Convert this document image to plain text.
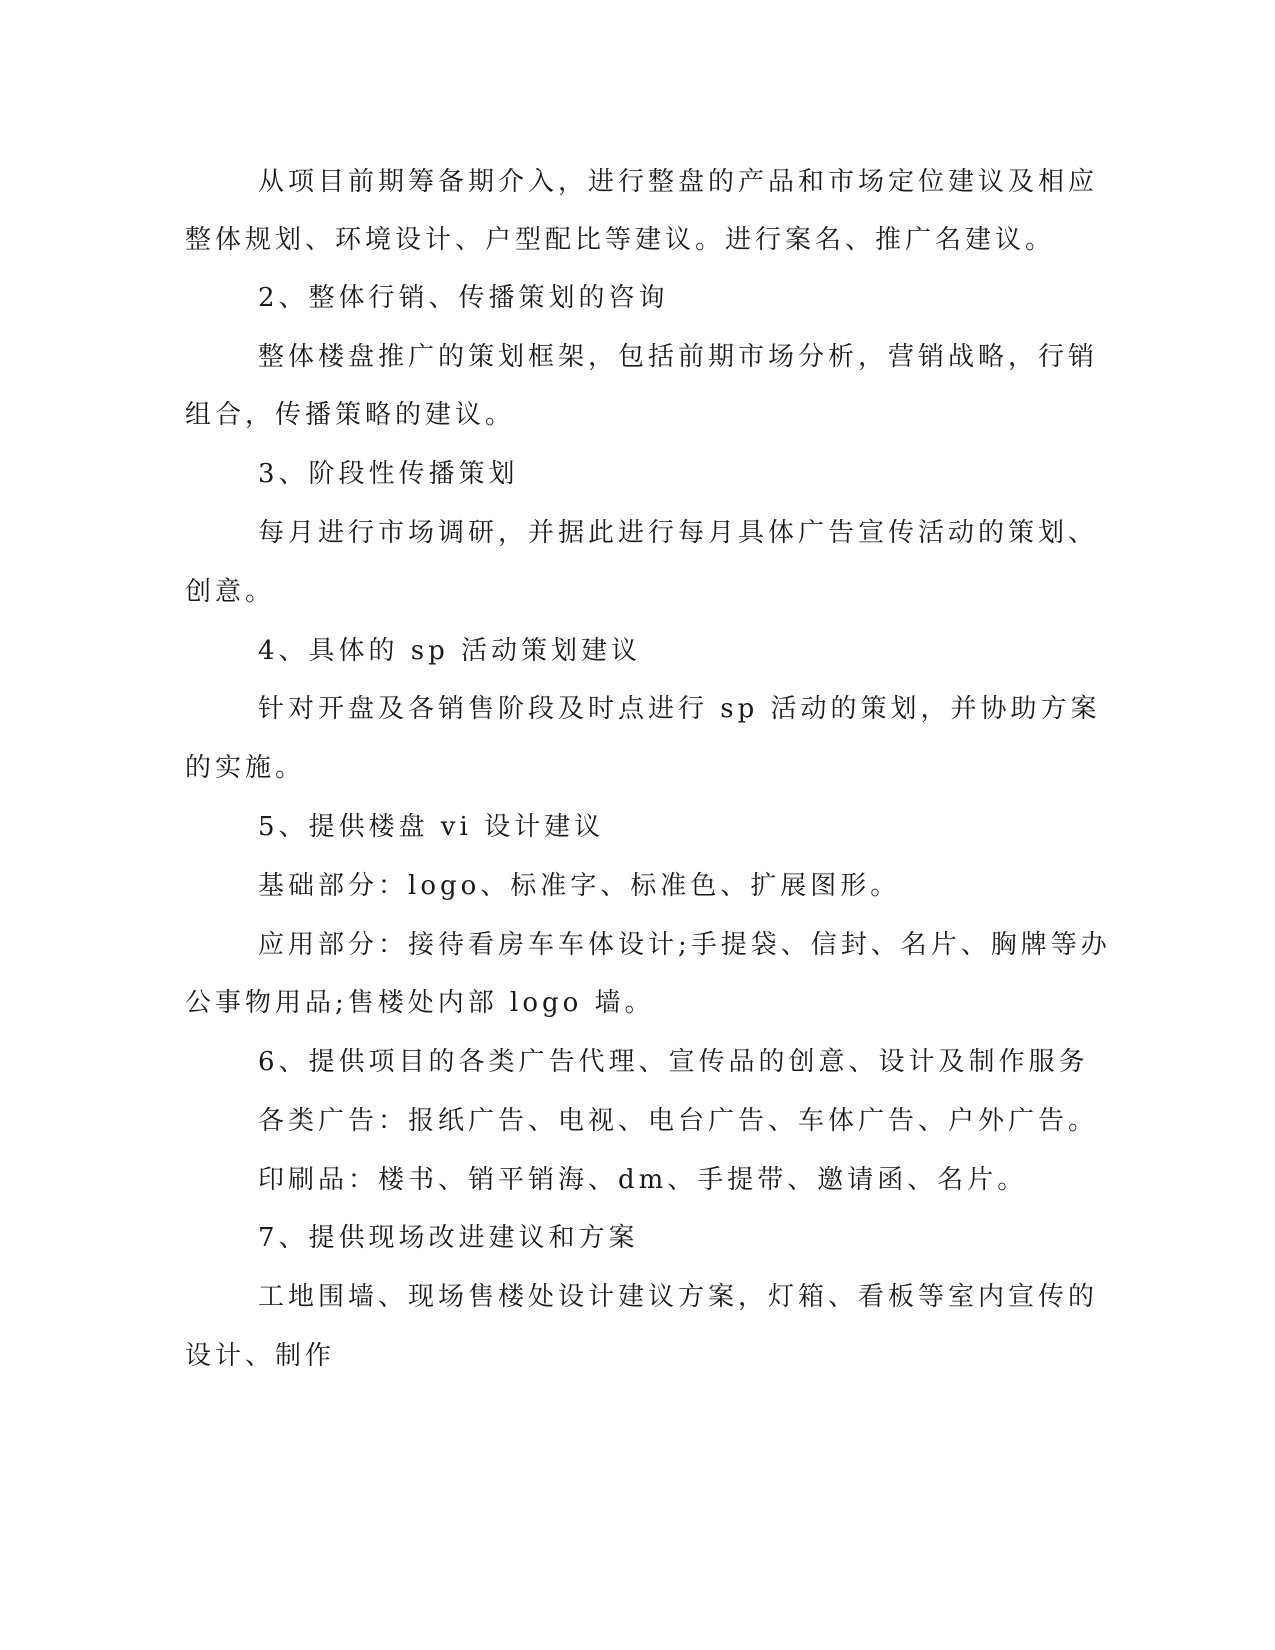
从项目前期筹备期介入，进行整盘的产品和市场定位建议及相应
整体规划、环境设计、户型配比等建议。进行案名、推广名建议。
2、整体行销、传播策划的咨询
整体楼盘推广的策划框架，包括前期市场分析，营销战略，行销
组合，传播策略的建议。
3、阶段性传播策划
每月进行市场调研，并据此进行每月具体广告宣传活动的策划、
创意。
4、具体的 sp 活动策划建议
针对开盘及各销售阶段及时点进行 sp 活动的策划，并协助方案
的实施。
5、提供楼盘 vi 设计建议
基础部分：logo、标准字、标准色、扩展图形。
应用部分：接待看房车车体设计;手提袋、信封、名片、胸牌等办
公事物用品;售楼处内部 logo 墙。
6、提供项目的各类广告代理、宣传品的创意、设计及制作服务
各类广告：报纸广告、电视、电台广告、车体广告、户外广告。
印刷品：楼书、销平销海、dm、手提带、邀请函、名片。
7、提供现场改进建议和方案
工地围墙、现场售楼处设计建议方案，灯箱、看板等室内宣传的
设计、制作
